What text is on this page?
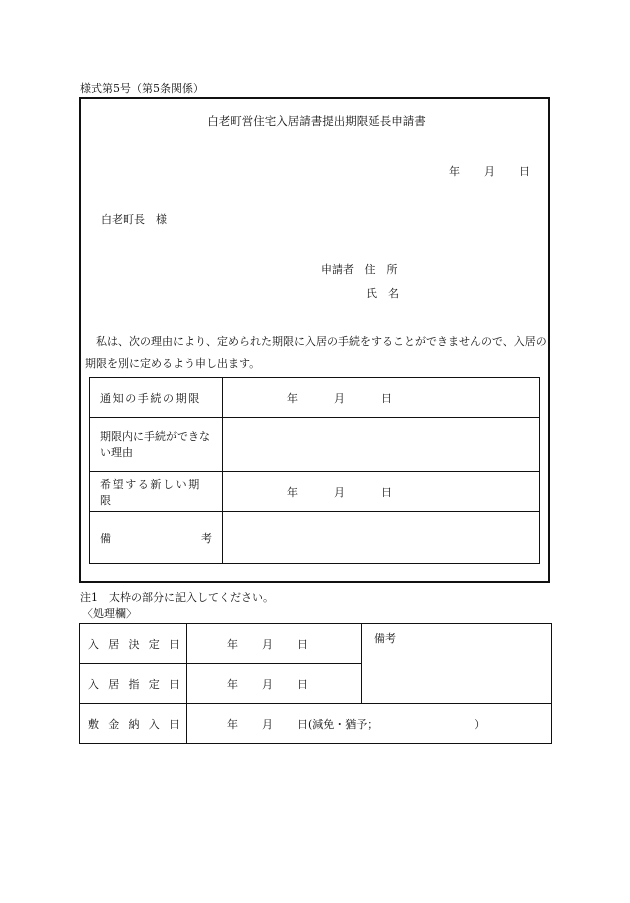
様式第5号（第5条関係）
白老町営住宅入居請書提出期限延長申請書
年 月 日
白老町長　様
申請者 住　所
氏　名
私は、次の理由により、定められた期限に入居の手続をすることができませんので、入居の期限を別に定めるよう申し出ます。
通知の手続の期限	年 月 日
期限内に手続ができない理由	
希望する新しい期限	年 月 日

備 考	

注1　太枠の部分に記入してください。
〈処理欄〉
入 居 決 定 日	年 月 日	備考

入 居 指 定 日	年 月 日	

敷 金 納 入 日	年 月 日(減免・猶予； ）	
